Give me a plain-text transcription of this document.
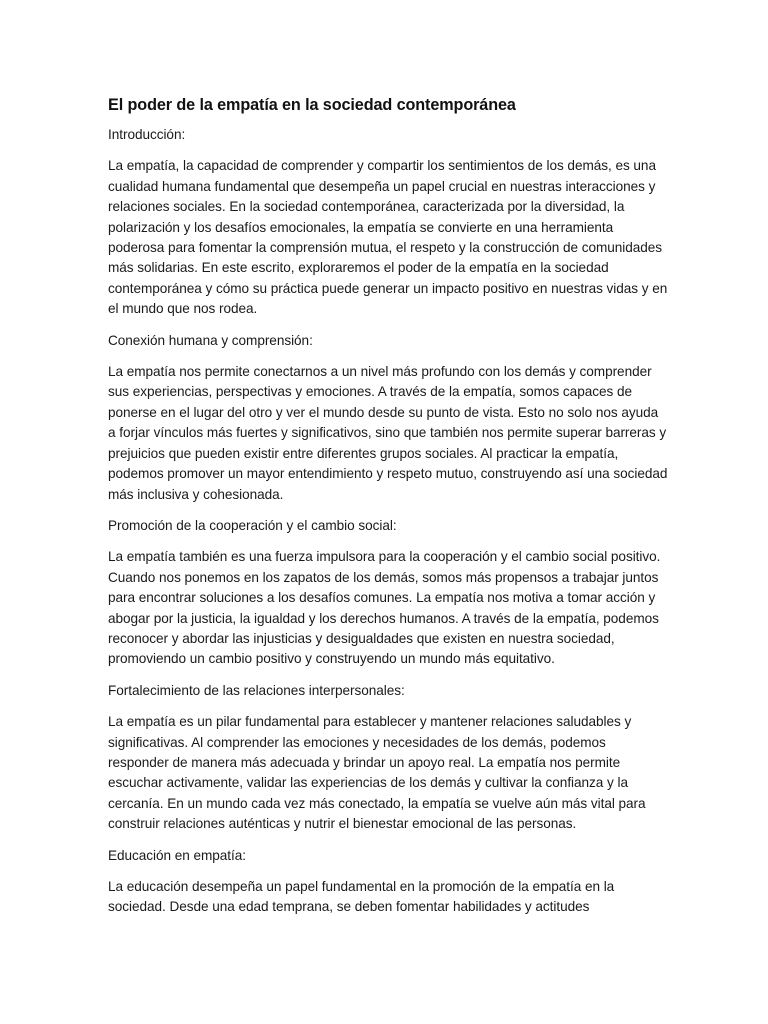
El poder de la empatía en la sociedad contemporánea

Introducción:

La empatía, la capacidad de comprender y compartir los sentimientos de los demás, es una cualidad humana fundamental que desempeña un papel crucial en nuestras interacciones y relaciones sociales. En la sociedad contemporánea, caracterizada por la diversidad, la polarización y los desafíos emocionales, la empatía se convierte en una herramienta poderosa para fomentar la comprensión mutua, el respeto y la construcción de comunidades más solidarias. En este escrito, exploraremos el poder de la empatía en la sociedad contemporánea y cómo su práctica puede generar un impacto positivo en nuestras vidas y en el mundo que nos rodea.

Conexión humana y comprensión:

La empatía nos permite conectarnos a un nivel más profundo con los demás y comprender sus experiencias, perspectivas y emociones. A través de la empatía, somos capaces de ponerse en el lugar del otro y ver el mundo desde su punto de vista. Esto no solo nos ayuda a forjar vínculos más fuertes y significativos, sino que también nos permite superar barreras y prejuicios que pueden existir entre diferentes grupos sociales. Al practicar la empatía, podemos promover un mayor entendimiento y respeto mutuo, construyendo así una sociedad más inclusiva y cohesionada.

Promoción de la cooperación y el cambio social:

La empatía también es una fuerza impulsora para la cooperación y el cambio social positivo. Cuando nos ponemos en los zapatos de los demás, somos más propensos a trabajar juntos para encontrar soluciones a los desafíos comunes. La empatía nos motiva a tomar acción y abogar por la justicia, la igualdad y los derechos humanos. A través de la empatía, podemos reconocer y abordar las injusticias y desigualdades que existen en nuestra sociedad, promoviendo un cambio positivo y construyendo un mundo más equitativo.

Fortalecimiento de las relaciones interpersonales:

La empatía es un pilar fundamental para establecer y mantener relaciones saludables y significativas. Al comprender las emociones y necesidades de los demás, podemos responder de manera más adecuada y brindar un apoyo real. La empatía nos permite escuchar activamente, validar las experiencias de los demás y cultivar la confianza y la cercanía. En un mundo cada vez más conectado, la empatía se vuelve aún más vital para construir relaciones auténticas y nutrir el bienestar emocional de las personas.

Educación en empatía:

La educación desempeña un papel fundamental en la promoción de la empatía en la sociedad. Desde una edad temprana, se deben fomentar habilidades y actitudes
